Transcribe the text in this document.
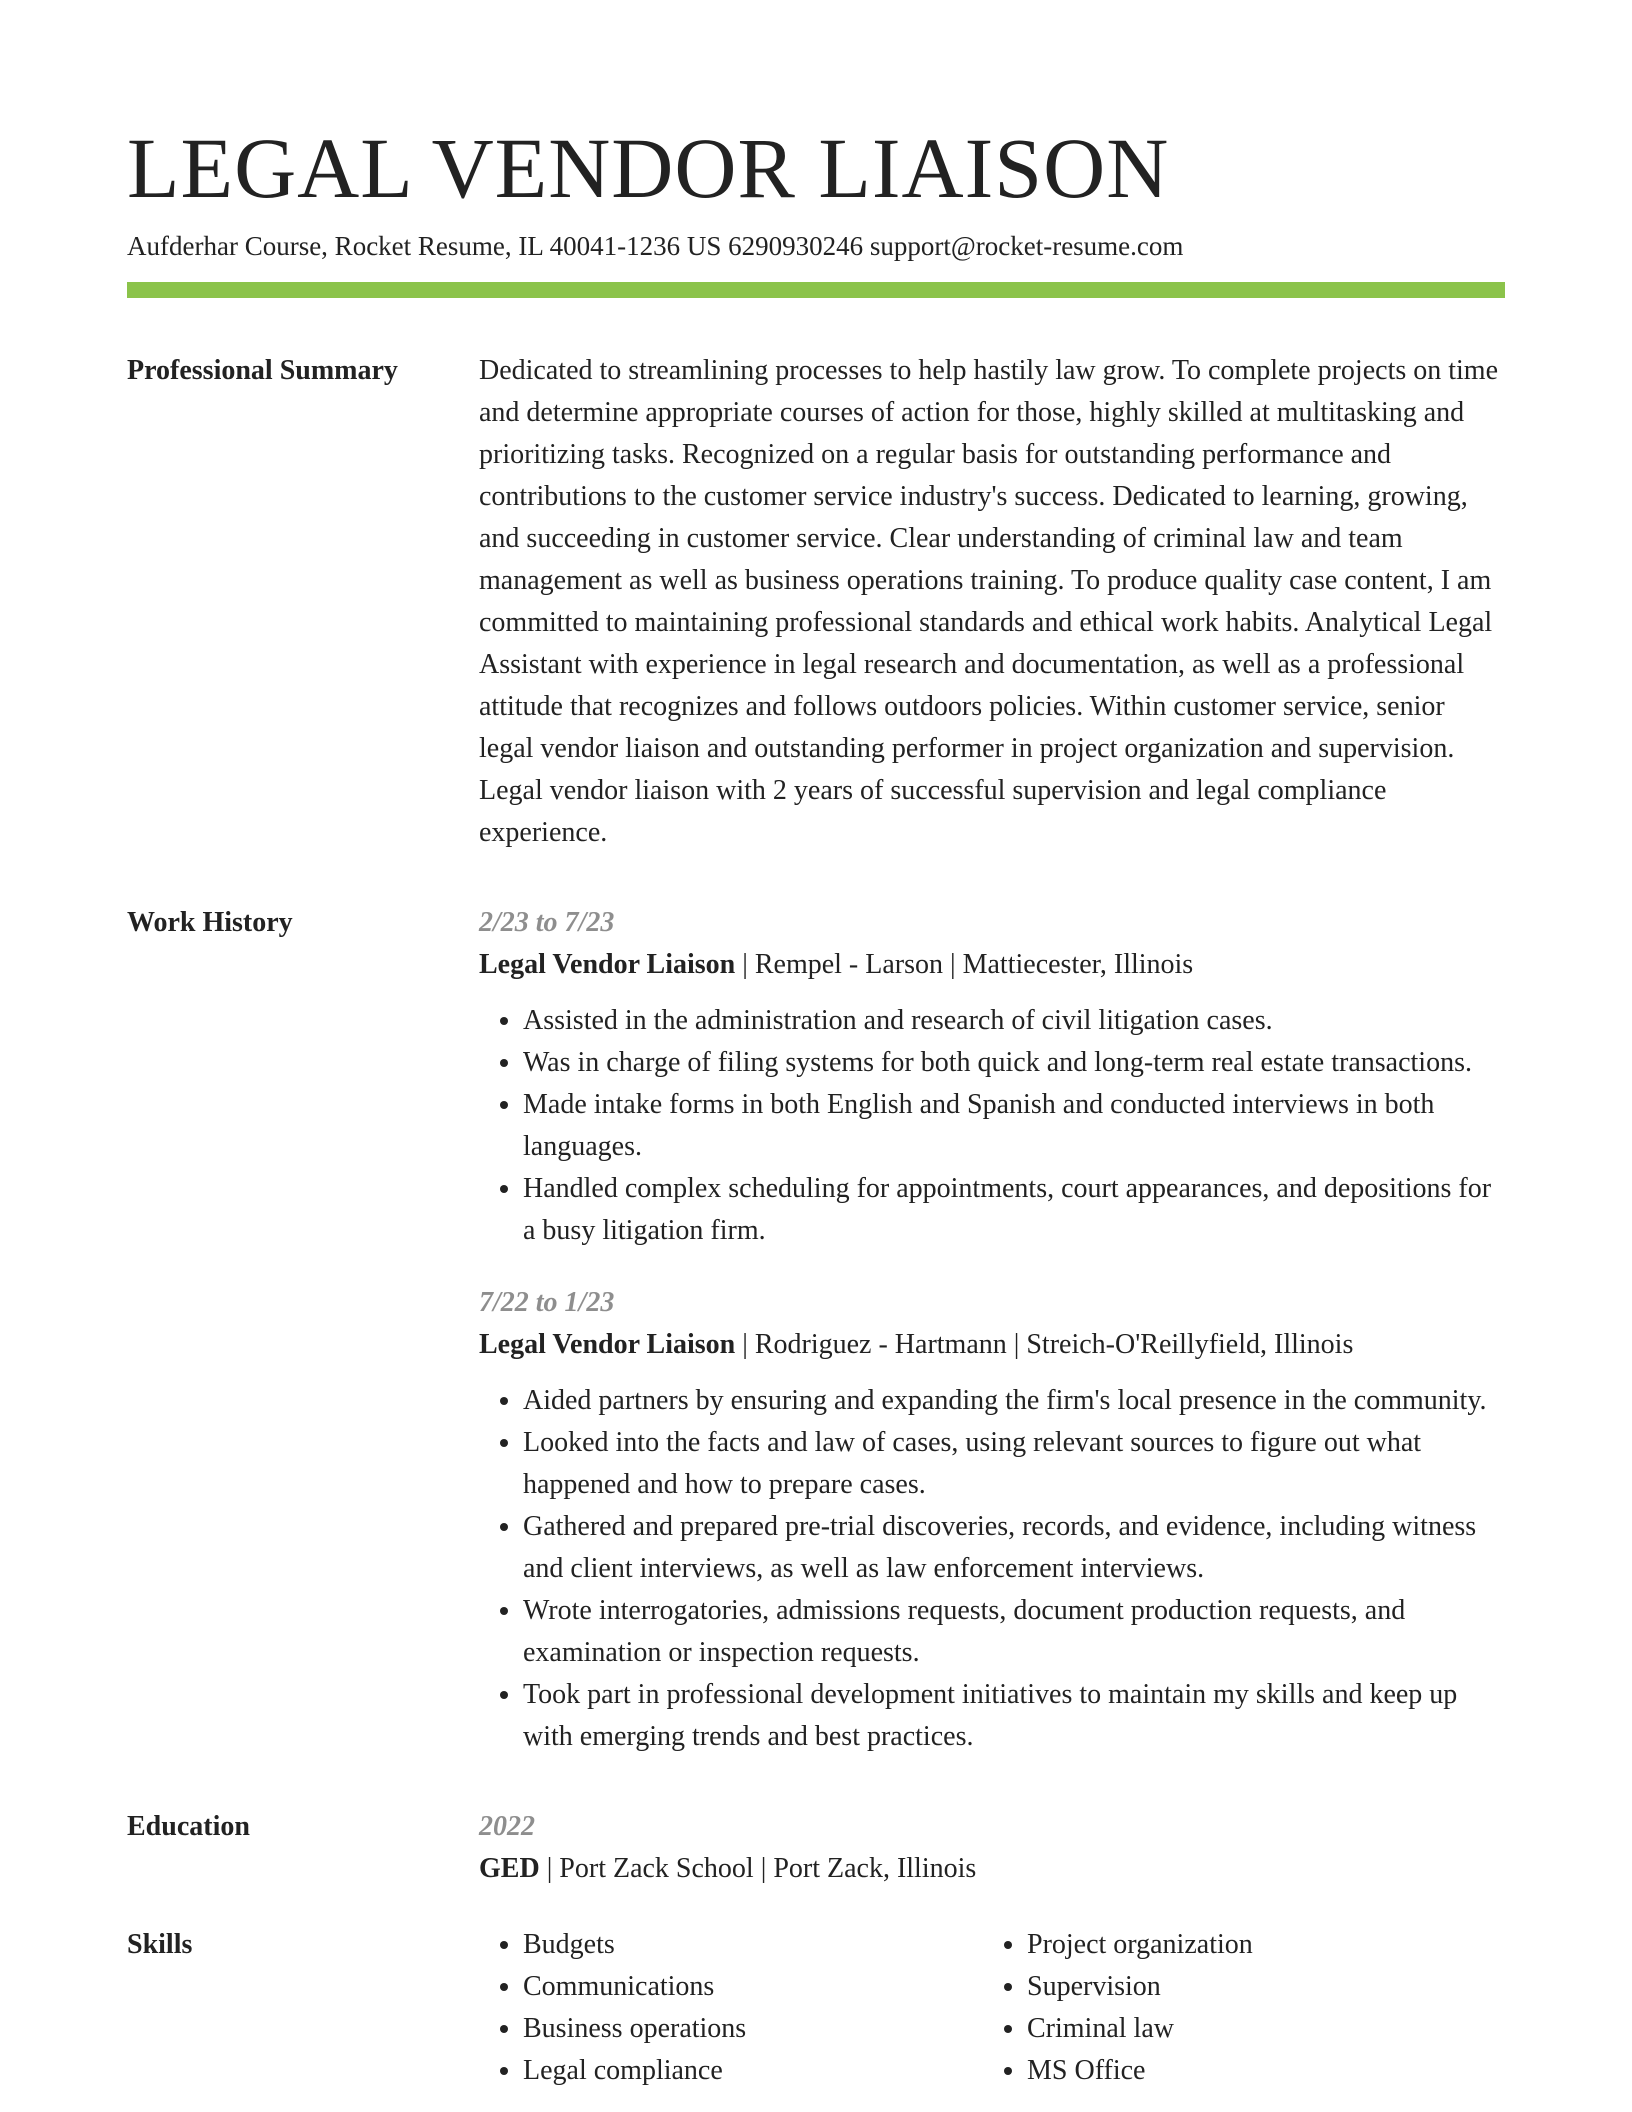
LEGAL VENDOR LIAISON
Aufderhar Course, Rocket Resume, IL 40041-1236 US 6290930246 support@rocket-resume.com
Professional Summary	Dedicated to streamlining processes to help hastily law grow. To complete projects on time and determine appropriate courses of action for those, highly skilled at multitasking and prioritizing tasks. Recognized on a regular basis for outstanding performance and contributions to the customer service industry's success. Dedicated to learning, growing, and succeeding in customer service. Clear understanding of criminal law and team management as well as business operations training. To produce quality case content, I am committed to maintaining professional standards and ethical work habits. Analytical Legal Assistant with experience in legal research and documentation, as well as a professional attitude that recognizes and follows outdoors policies. Within customer service, senior legal vendor liaison and outstanding performer in project organization and supervision. Legal vendor liaison with 2 years of successful supervision and legal compliance experience.

Work History	2/23 to 7/23
Legal Vendor Liaison | Rempel - Larson | Mattiecester, Illinois
• Assisted in the administration and research of civil litigation cases.
• Was in charge of filing systems for both quick and long-term real estate transactions.
• Made intake forms in both English and Spanish and conducted interviews in both languages.
• Handled complex scheduling for appointments, court appearances, and depositions for a busy litigation firm.
7/22 to 1/23
Legal Vendor Liaison | Rodriguez - Hartmann | Streich-O'Reillyfield, Illinois
• Aided partners by ensuring and expanding the firm's local presence in the community.
• Looked into the facts and law of cases, using relevant sources to figure out what happened and how to prepare cases.
• Gathered and prepared pre-trial discoveries, records, and evidence, including witness and client interviews, as well as law enforcement interviews.
• Wrote interrogatories, admissions requests, document production requests, and examination or inspection requests.
• Took part in professional development initiatives to maintain my skills and keep up with emerging trends and best practices.
Education	2022
GED | Port Zack School | Port Zack, Illinois
Skills
•	Budgets
• Communications
• Business operations
• Legal compliance
• Project organization
• Supervision
• Criminal law
• MS Office
